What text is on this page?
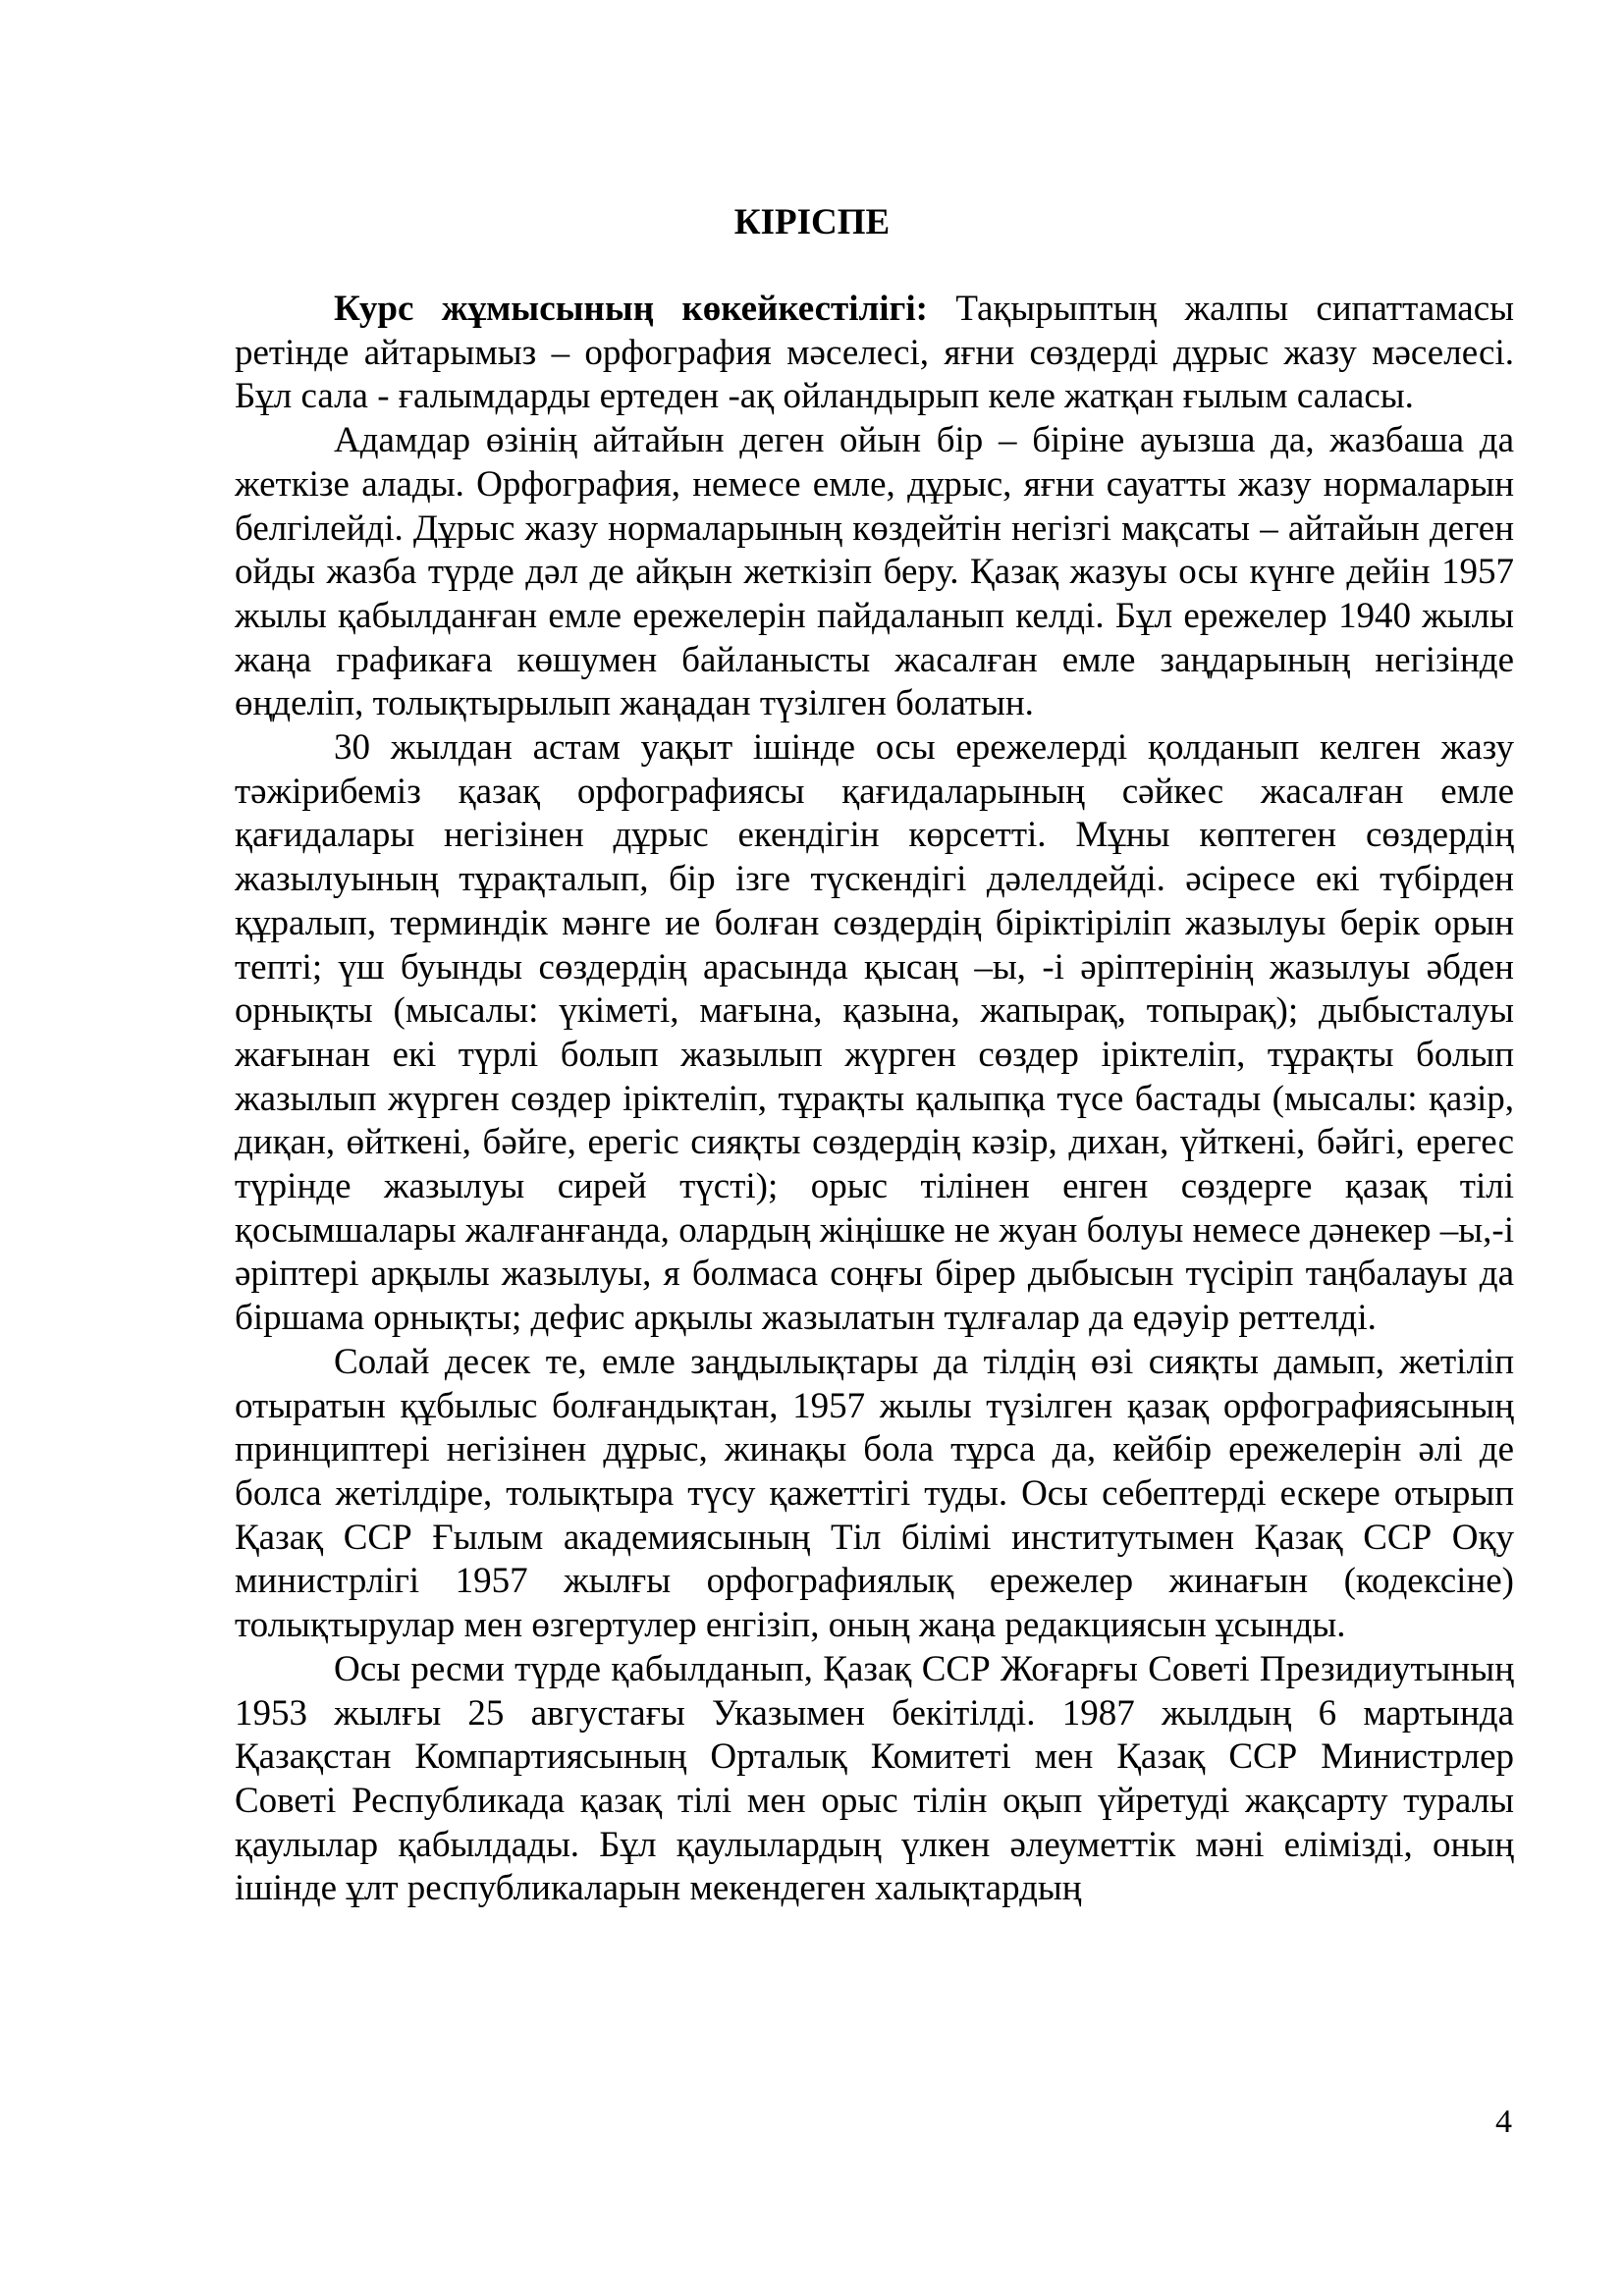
КІРІСПЕ

Курс жұмысының көкейкестілігі: Тақырыптың жалпы сипаттамасы ретінде айтарымыз – орфография мәселесі, яғни сөздерді дұрыс жазу мәселесі. Бұл сала - ғалымдарды ертеден -ақ ойландырып келе жатқан ғылым саласы.

Адамдар өзінің айтайын деген ойын бір – біріне ауызша да, жазбаша да жеткізе алады. Орфография, немесе емле, дұрыс, яғни сауатты жазу нормаларын белгілейді. Дұрыс жазу нормаларының көздейтін негізгі мақсаты – айтайын деген ойды жазба түрде дәл де айқын жеткізіп беру. Қазақ жазуы осы күнге дейін 1957 жылы қабылданған емле ережелерін пайдаланып келді. Бұл ережелер 1940 жылы жаңа графикаға көшумен байланысты жасалған емле заңдарының негізінде өңделіп, толықтырылып жаңадан түзілген болатын.

30 жылдан астам уақыт ішінде осы ережелерді қолданып келген жазу тәжірибеміз қазақ орфографиясы қағидаларының сәйкес жасалған емле қағидалары негізінен дұрыс екендігін көрсетті. Мұны көптеген сөздердің жазылуының тұрақталып, бір ізге түскендігі дәлелдейді. әсіресе екі түбірден құралып, терминдік мәнге ие болған сөздердің біріктіріліп жазылуы берік орын тепті; үш буынды сөздердің арасында қысаң –ы, -і әріптерінің жазылуы әбден орнықты (мысалы: үкіметі, мағына, қазына, жапырақ, топырақ); дыбысталуы жағынан екі түрлі болып жазылып жүрген сөздер іріктеліп, тұрақты болып жазылып жүрген сөздер іріктеліп, тұрақты қалыпқа түсе бастады (мысалы: қазір, диқан, өйткені, бәйге, ерегіс сияқты сөздердің кәзір, дихан, үйткені, бәйгі, ерегес түрінде жазылуы сирей түсті); орыс тілінен енген сөздерге қазақ тілі қосымшалары жалғанғанда, олардың жіңішке не жуан болуы немесе дәнекер –ы,-і әріптері арқылы жазылуы, я болмаса соңғы бірер дыбысын түсіріп таңбалауы да біршама орнықты; дефис арқылы жазылатын тұлғалар да едәуір реттелді.

Солай десек те, емле заңдылықтары да тілдің өзі сияқты дамып, жетіліп отыратын құбылыс болғандықтан, 1957 жылы түзілген қазақ орфографиясының принциптері негізінен дұрыс, жинақы бола тұрса да, кейбір ережелерін әлі де болса жетілдіре, толықтыра түсу қажеттігі туды. Осы себептерді ескере отырып Қазақ ССР Ғылым академиясының Тіл білімі институтымен Қазақ ССР Оқу министрлігі 1957 жылғы орфографиялық ережелер жинағын (кодексіне) толықтырулар мен өзгертулер енгізіп, оның жаңа редакциясын ұсынды.

Осы ресми түрде қабылданып, Қазақ ССР Жоғарғы Советі Президиутының 1953 жылғы 25 августағы Указымен бекітілді. 1987 жылдың 6 мартында Қазақстан Компартиясының Орталық Комитеті мен Қазақ ССР Министрлер Советі Республикада қазақ тілі мен орыс тілін оқып үйретуді жақсарту туралы қаулылар қабылдады. Бұл қаулылардың үлкен әлеуметтік мәні елімізді, оның ішінде ұлт республикаларын мекендеген халықтардың

4
